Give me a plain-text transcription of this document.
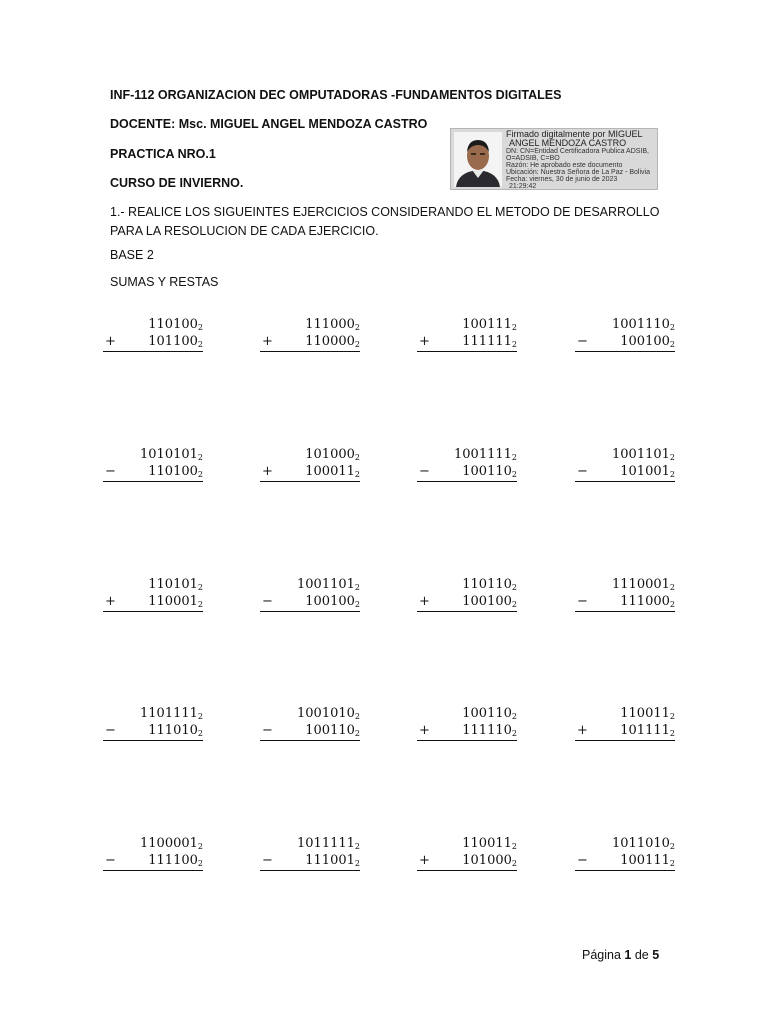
INF-112 ORGANIZACION DEC OMPUTADORAS -FUNDAMENTOS DIGITALES
DOCENTE: Msc. MIGUEL ANGEL MENDOZA CASTRO
PRACTICA NRO.1
CURSO DE INVIERNO.
Firmado digitalmente por MIGUEL
ANGEL MENDOZA CASTRO
DN: CN=Entidad Certificadora Publica ADSIB,
O=ADSIB, C=BO
Razón: He aprobado este documento
Ubicación: Nuestra Señora de La Paz - Bolivia
Fecha: viernes, 30 de junio de 2023
21:29:42
1.- REALICE LOS SIGUEINTES EJERCICIOS CONSIDERANDO EL METODO DE DESARROLLO PARA LA RESOLUCION DE CADA EJERCICIO.
BASE 2
SUMAS Y RESTAS
$110100_2$
+ $101100_2$
$111000_2$
+ $110000_2$
$100111_2$
+ $111111_2$
$1001110_2$
− $100100_2$
$1010101_2$
− $110100_2$
$101000_2$
+ $100011_2$
$1001111_2$
− $100110_2$
$1001101_2$
− $101001_2$
$110101_2$
+ $110001_2$
$1001101_2$
− $100100_2$
$110110_2$
+ $100100_2$
$1110001_2$
− $111000_2$
$1101111_2$
− $111010_2$
$1001010_2$
− $100110_2$
$100110_2$
+ $111110_2$
$110011_2$
+ $101111_2$
$1100001_2$
− $111100_2$
$1011111_2$
− $111001_2$
$110011_2$
+ $101000_2$
$1011010_2$
− $100111_2$
Página 1 de 5
